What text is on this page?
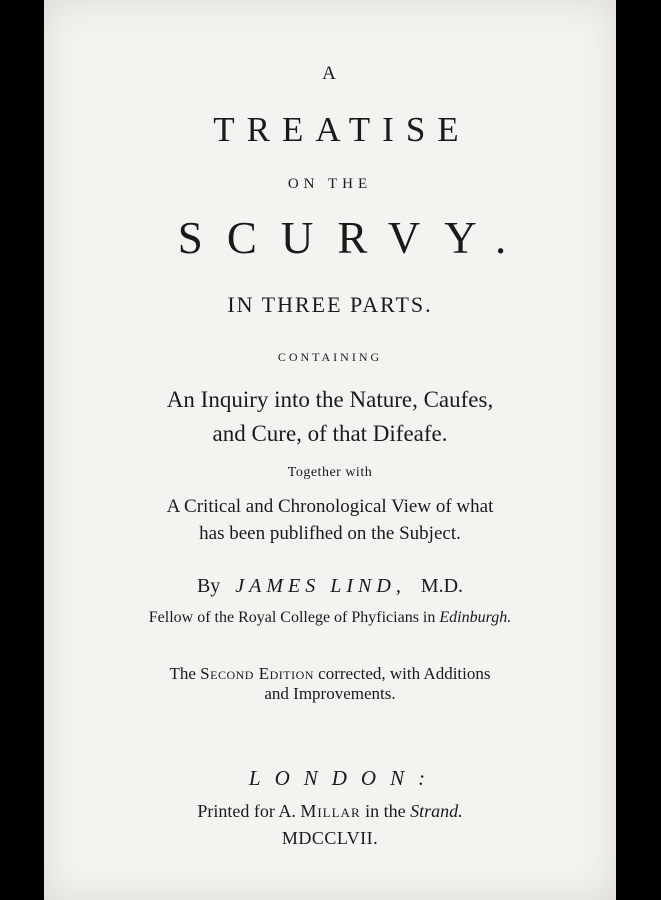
A
TREATISE
ON THE
SCURVY.
IN THREE PARTS.
CONTAINING
An Inquiry into the Nature, Caufes,
and Cure, of that Difeafe.
Together with
A Critical and Chronological View of what
has been publifhed on the Subject.
By JAMES LIND, M.D.
Fellow of the Royal College of Phyficians in Edinburgh.
The Second Edition corrected, with Additions
and Improvements.
LONDON:
Printed for A. Millar in the Strand.
MDCCLVII.
